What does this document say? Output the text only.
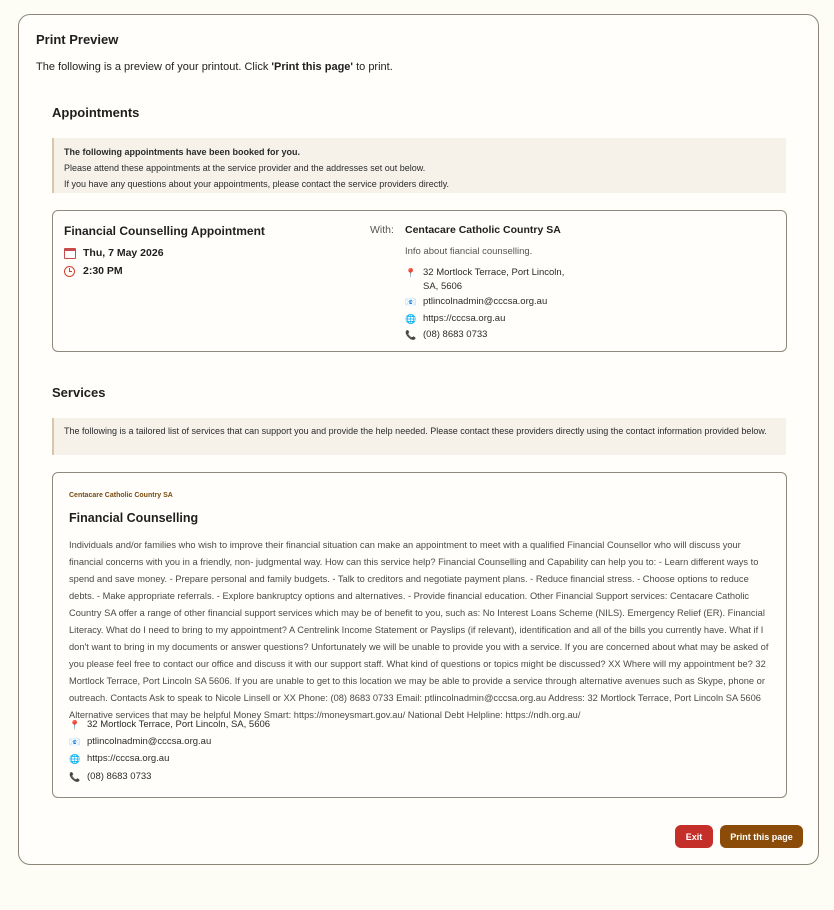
Print Preview
The following is a preview of your printout. Click 'Print this page' to print.
Appointments
The following appointments have been booked for you.
Please attend these appointments at the service provider and the addresses set out below.
If you have any questions about your appointments, please contact the service providers directly.
Financial Counselling Appointment
Thu, 7 May 2026
2:30 PM
With: Centacare Catholic Country SA
Info about fiancial counselling.
📍 32 Mortlock Terrace, Port Lincoln,
SA, 5606
📧 ptlincolnadmin@cccsa.org.au
🌐 https://cccsa.org.au
📞 (08) 8683 0733
Services
The following is a tailored list of services that can support you and provide the help needed. Please contact these providers directly using the contact information provided below.
Centacare Catholic Country SA
Financial Counselling
Individuals and/or families who wish to improve their financial situation can make an appointment to meet with a qualified Financial Counsellor who will discuss your financial concerns with you in a friendly, non- judgmental way. How can this service help? Financial Counselling and Capability can help you to: - Learn different ways to spend and save money. - Prepare personal and family budgets. - Talk to creditors and negotiate payment plans. - Reduce financial stress. - Choose options to reduce debts. - Make appropriate referrals. - Explore bankruptcy options and alternatives. - Provide financial education. Other Financial Support services: Centacare Catholic Country SA offer a range of other financial support services which may be of benefit to you, such as: No Interest Loans Scheme (NILS). Emergency Relief (ER). Financial Literacy. What do I need to bring to my appointment? A Centrelink Income Statement or Payslips (if relevant), identification and all of the bills you currently have. What if I don't want to bring in my documents or answer questions? Unfortunately we will be unable to provide you with a service. If you are concerned about what may be asked of you please feel free to contact our office and discuss it with our support staff. What kind of questions or topics might be discussed? XX Where will my appointment be? 32 Mortlock Terrace, Port Lincoln SA 5606. If you are unable to get to this location we may be able to provide a service through alternative avenues such as Skype, phone or outreach. Contacts Ask to speak to Nicole Linsell or XX Phone: (08) 8683 0733 Email: ptlincolnadmin@cccsa.org.au Address: 32 Mortlock Terrace, Port Lincoln SA 5606 Alternative services that may be helpful Money Smart: https://moneysmart.gov.au/ National Debt Helpline: https://ndh.org.au/
📍 32 Mortlock Terrace, Port Lincoln, SA, 5606
📧 ptlincolnadmin@cccsa.org.au
🌐 https://cccsa.org.au
📞 (08) 8683 0733
Exit	Print this page
